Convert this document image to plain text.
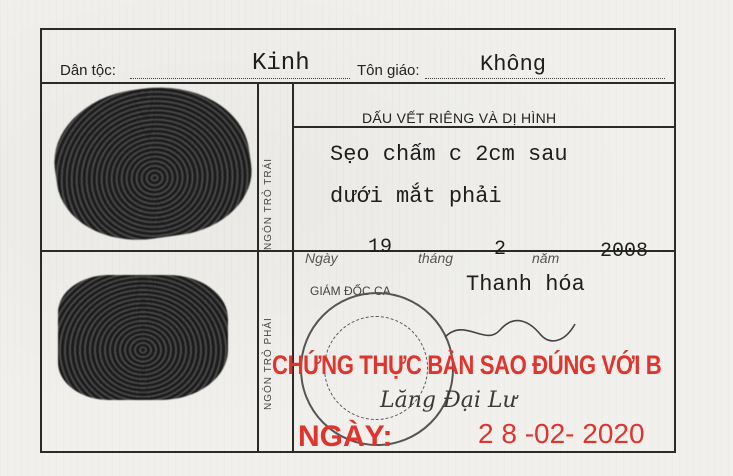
Dân tộc:	Kinh	Tôn giáo:	Không
NGÓN TRỎ TRÁI
NGÓN TRỎ PHẢI
DẤU VẾT RIÊNG VÀ DỊ HÌNH
Sẹo chấm c 2cm sau
dưới mắt phải
Ngày 19 tháng 2 năm 2008
GIÁM ĐỐC CA	Thanh hóa
Lăng Đại Lư
CHỨNG THỰC BẢN SAO ĐÚNG VỚI B
NGÀY:	2 8 -02- 2020
